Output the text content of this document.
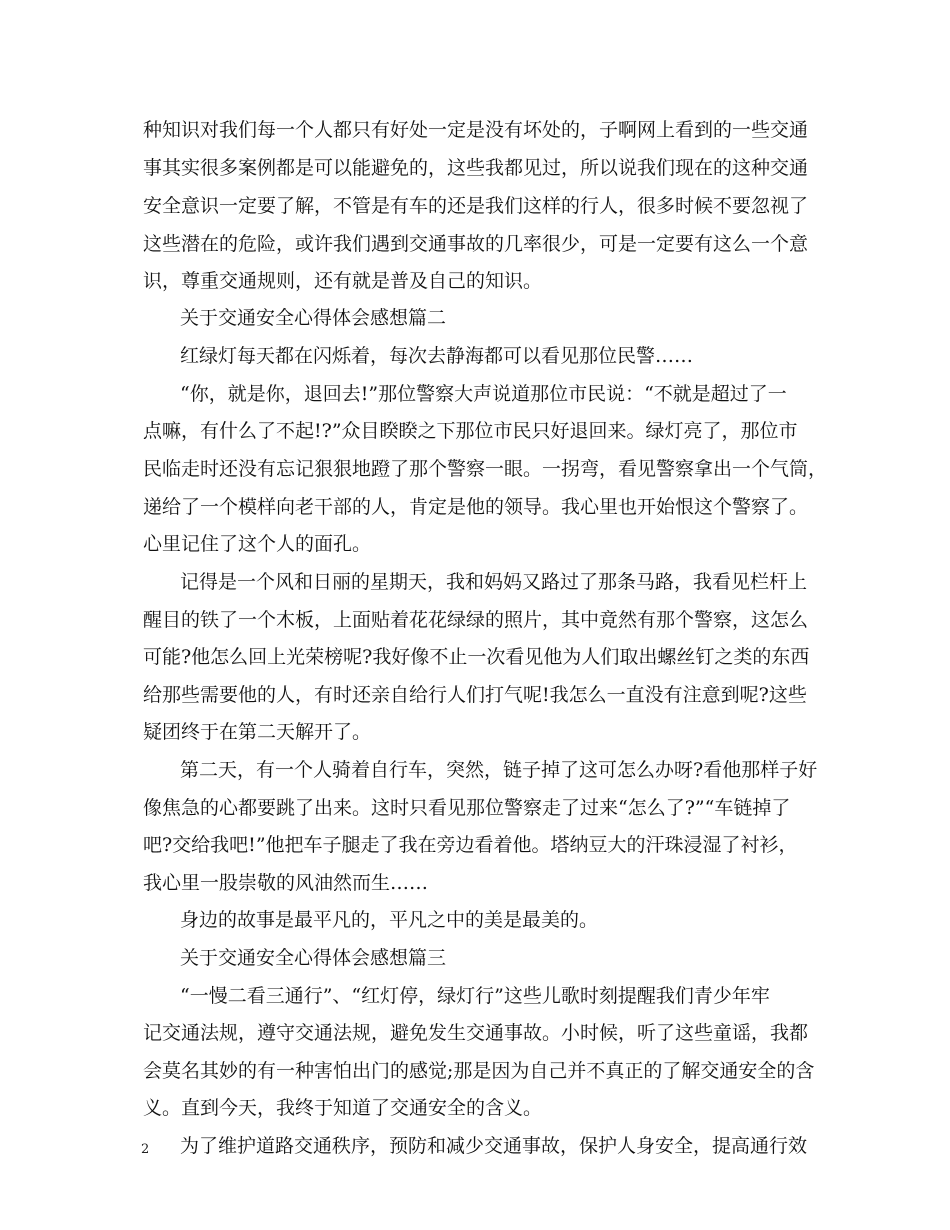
种知识对我们每一个人都只有好处一定是没有坏处的，子啊网上看到的一些交通
事其实很多案例都是可以能避免的，这些我都见过，所以说我们现在的这种交通
安全意识一定要了解，不管是有车的还是我们这样的行人，很多时候不要忽视了
这些潜在的危险，或许我们遇到交通事故的几率很少，可是一定要有这么一个意
识，尊重交通规则，还有就是普及自己的知识。
关于交通安全心得体会感想篇二
红绿灯每天都在闪烁着，每次去静海都可以看见那位民警……
“你，就是你，退回去!”那位警察大声说道那位市民说：“不就是超过了一
点嘛，有什么了不起!?”众目睽睽之下那位市民只好退回来。绿灯亮了，那位市
民临走时还没有忘记狠狠地蹬了那个警察一眼。一拐弯，看见警察拿出一个气筒，
递给了一个模样向老干部的人，肯定是他的领导。我心里也开始恨这个警察了。
心里记住了这个人的面孔。
记得是一个风和日丽的星期天，我和妈妈又路过了那条马路，我看见栏杆上
醒目的铁了一个木板，上面贴着花花绿绿的照片，其中竟然有那个警察，这怎么
可能?他怎么回上光荣榜呢?我好像不止一次看见他为人们取出螺丝钉之类的东西
给那些需要他的人，有时还亲自给行人们打气呢!我怎么一直没有注意到呢?这些
疑团终于在第二天解开了。
第二天，有一个人骑着自行车，突然，链子掉了这可怎么办呀?看他那样子好
像焦急的心都要跳了出来。这时只看见那位警察走了过来“怎么了?”“车链掉了
吧?交给我吧!”他把车子腿走了我在旁边看着他。塔纳豆大的汗珠浸湿了衬衫，
我心里一股崇敬的风油然而生……
身边的故事是最平凡的，平凡之中的美是最美的。
关于交通安全心得体会感想篇三
“一慢二看三通行”、“红灯停，绿灯行”这些儿歌时刻提醒我们青少年牢
记交通法规，遵守交通法规，避免发生交通事故。小时候，听了这些童谣，我都
会莫名其妙的有一种害怕出门的感觉;那是因为自己并不真正的了解交通安全的含
义。直到今天，我终于知道了交通安全的含义。
为了维护道路交通秩序，预防和减少交通事故，保护人身安全，提高通行效
2
